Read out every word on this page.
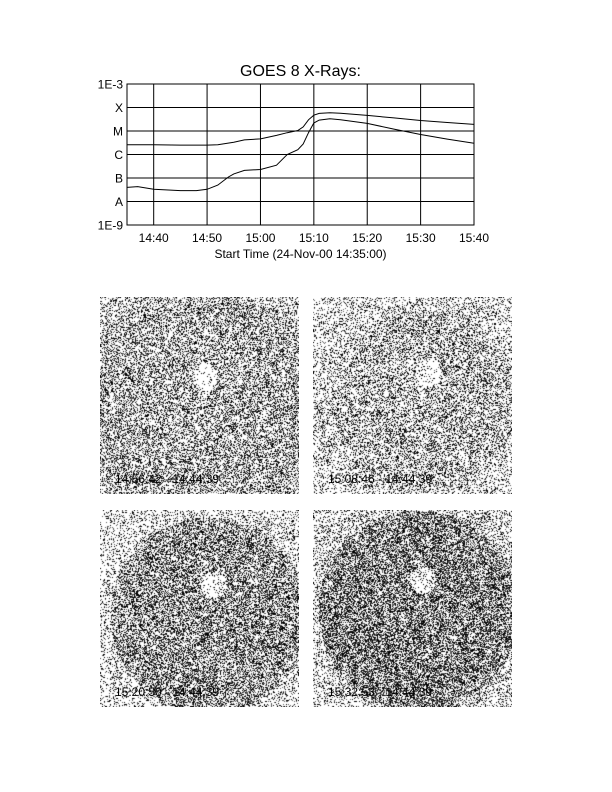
1E-3
X
M
C
B
A
1E-9
14:40 14:50 15:00 15:10 15:20 15:30 15:40
GOES 8 X-Rays:
Start Time (24-Nov-00 14:35:00)
14:56:42 - 14:44:39	15:08:46 - 14:44:39
15:20:50 - 14:44:39	15:32:53 - 14:44:39
